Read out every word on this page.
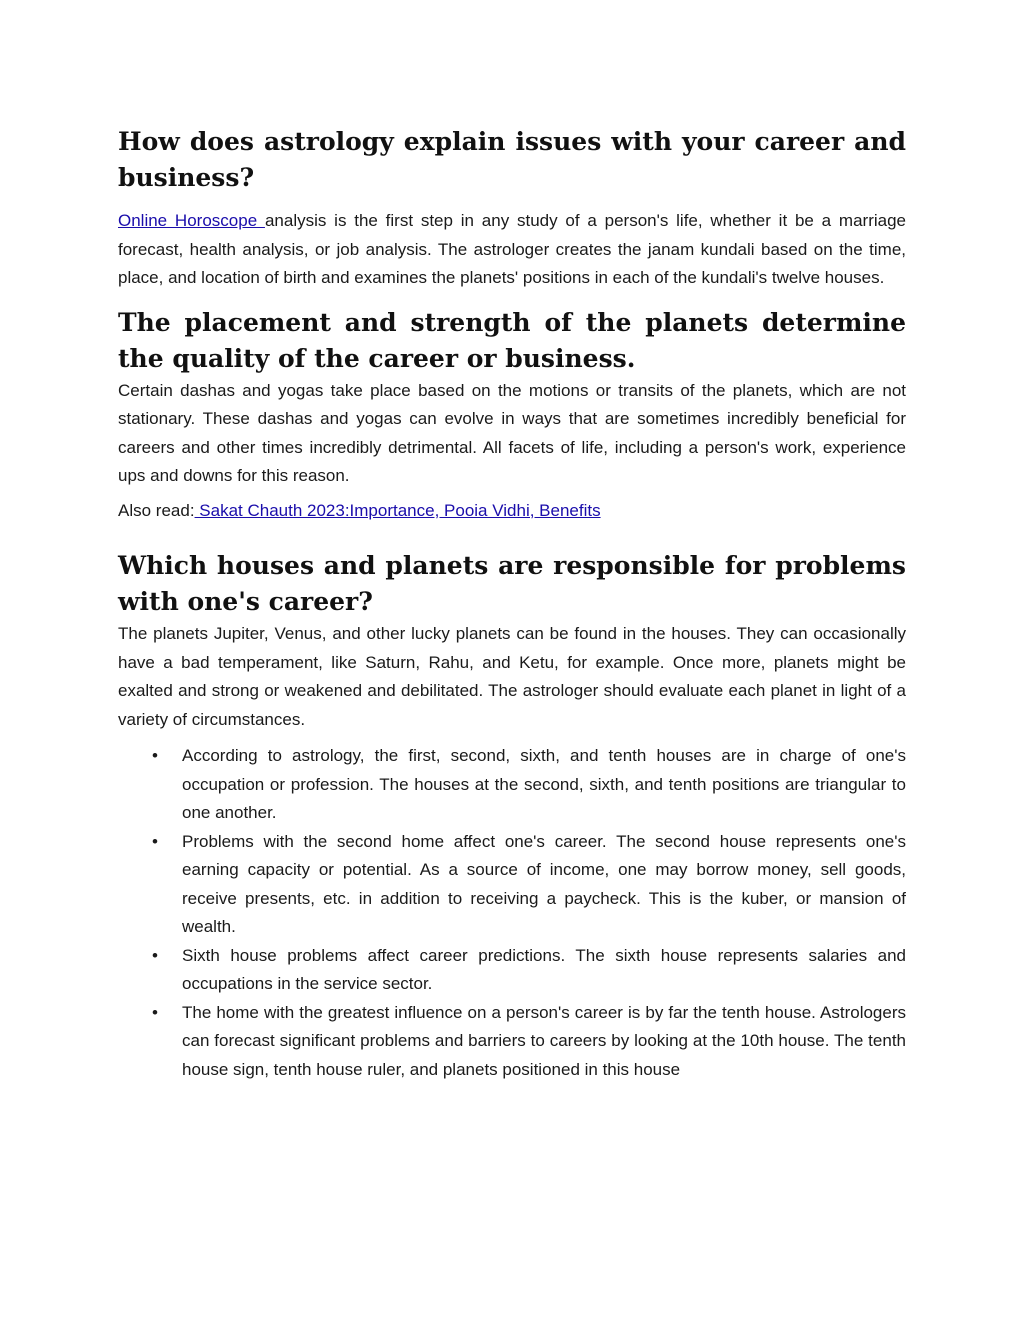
How does astrology explain issues with your career and business?

Online Horoscope analysis is the first step in any study of a person's life, whether it be a marriage forecast, health analysis, or job analysis. The astrologer creates the janam kundali based on the time, place, and location of birth and examines the planets' positions in each of the kundali's twelve houses.

The placement and strength of the planets determine the quality of the career or business.

Certain dashas and yogas take place based on the motions or transits of the planets, which are not stationary. These dashas and yogas can evolve in ways that are sometimes incredibly beneficial for careers and other times incredibly detrimental. All facets of life, including a person's work, experience ups and downs for this reason.

Also read: Sakat Chauth 2023:Importance, Pooia Vidhi, Benefits

Which houses and planets are responsible for problems with one's career?

The planets Jupiter, Venus, and other lucky planets can be found in the houses. They can occasionally have a bad temperament, like Saturn, Rahu, and Ketu, for example. Once more, planets might be exalted and strong or weakened and debilitated. The astrologer should evaluate each planet in light of a variety of circumstances.

• According to astrology, the first, second, sixth, and tenth houses are in charge of one's occupation or profession. The houses at the second, sixth, and tenth positions are triangular to one another.
• Problems with the second home affect one's career. The second house represents one's earning capacity or potential. As a source of income, one may borrow money, sell goods, receive presents, etc. in addition to receiving a paycheck. This is the kuber, or mansion of wealth.
• Sixth house problems affect career predictions. The sixth house represents salaries and occupations in the service sector.
• The home with the greatest influence on a person's career is by far the tenth house. Astrologers can forecast significant problems and barriers to careers by looking at the 10th house. The tenth house sign, tenth house ruler, and planets positioned in this house
